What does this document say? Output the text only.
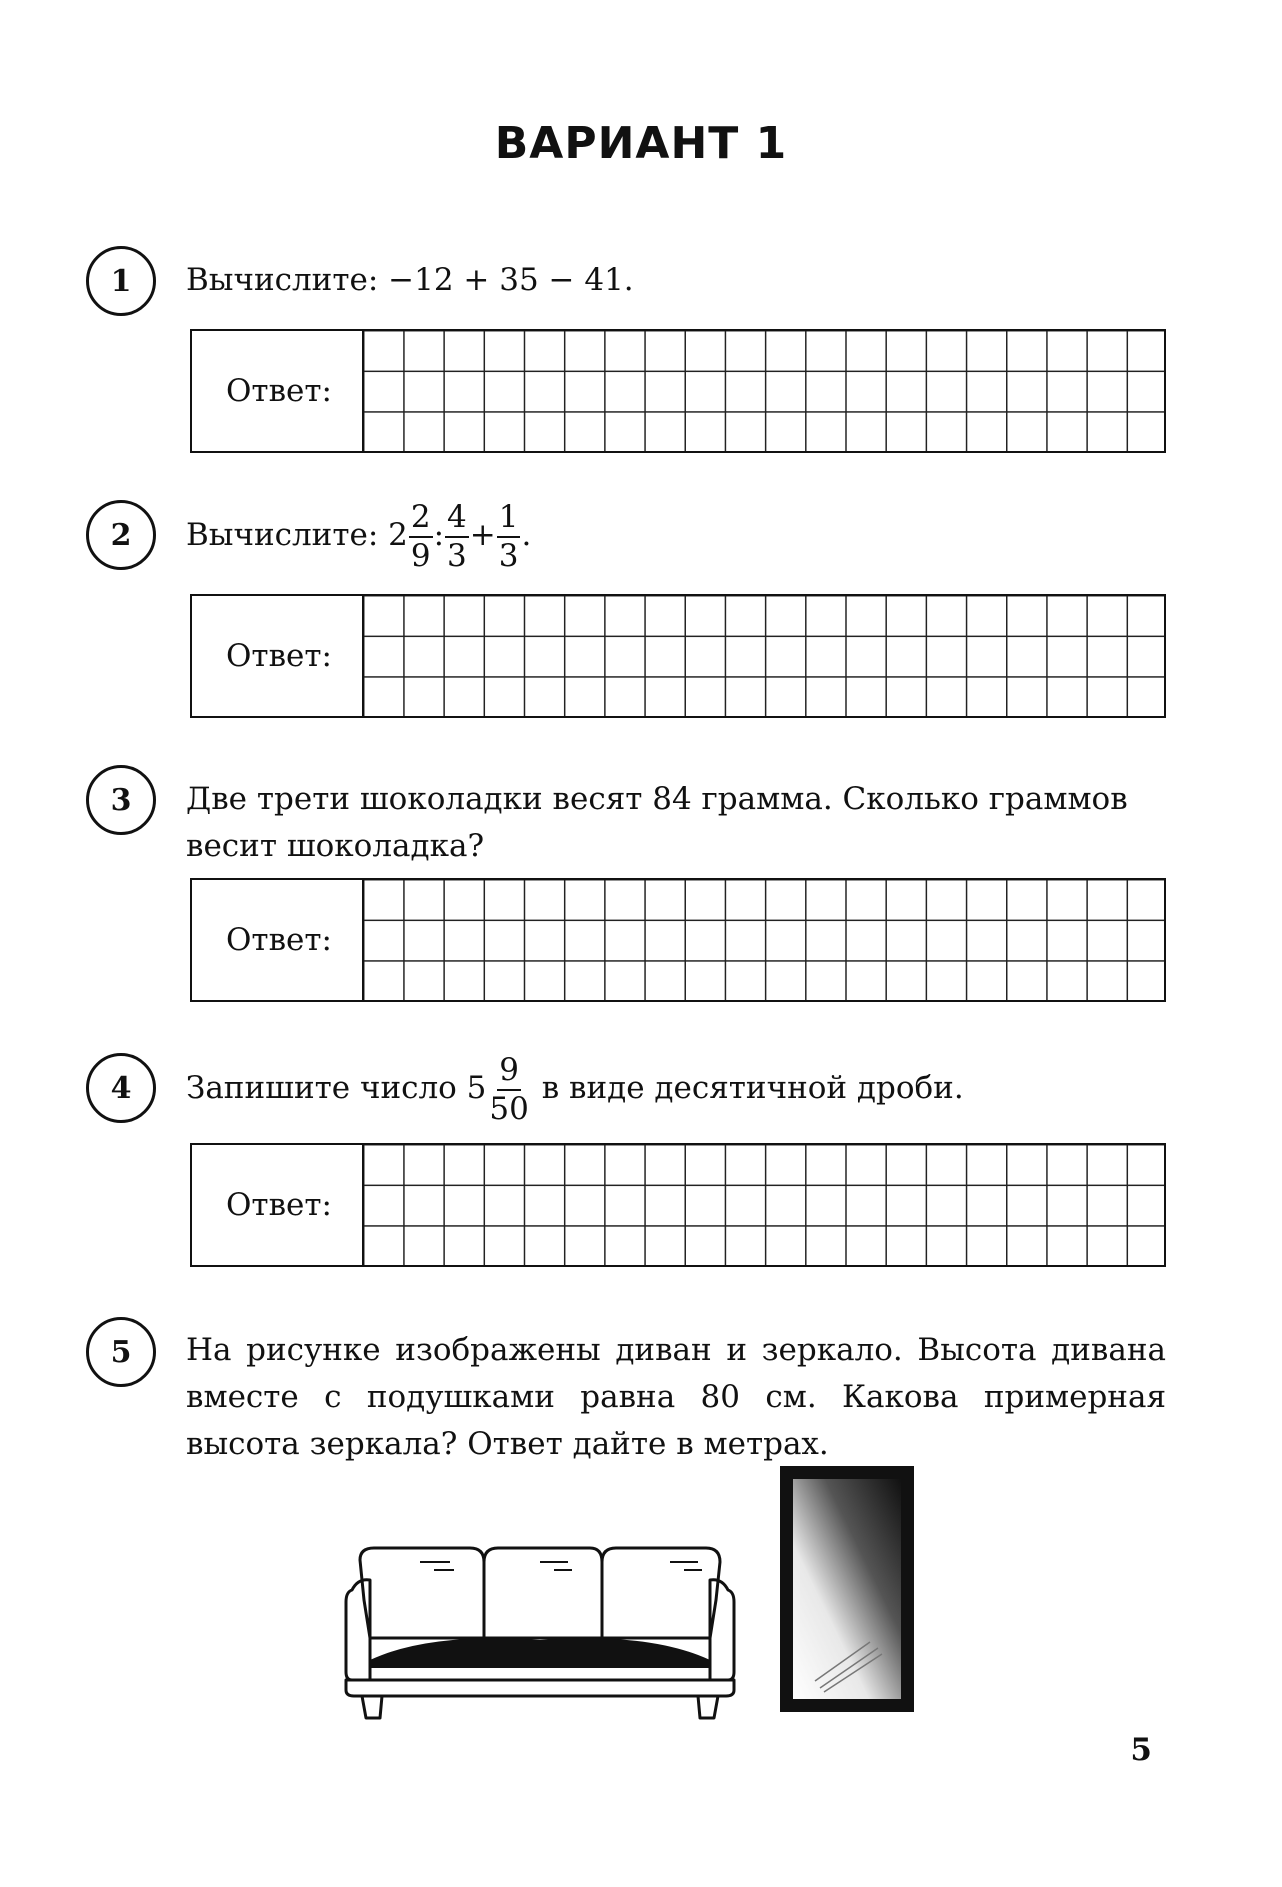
ВАРИАНТ 1
1	Вычислите: −12 + 35 − 41.
Ответ:
2	Вычислите: $2 \frac{2}{9}$ : $\frac{4}{3} + \frac{1}{3}$ .
Ответ:
3	Две трети шоколадки весят 84 грамма. Сколько граммов весит шоколадка?
Ответ:
4	Запишите число $5 \frac{9}{50}$ в виде десятичной дроби.
Ответ:
5	На рисунке изображены диван и зеркало. Высота дивана вместе с подушками равна 80 см. Какова примерная высота зеркала? Ответ дайте в метрах.
5
